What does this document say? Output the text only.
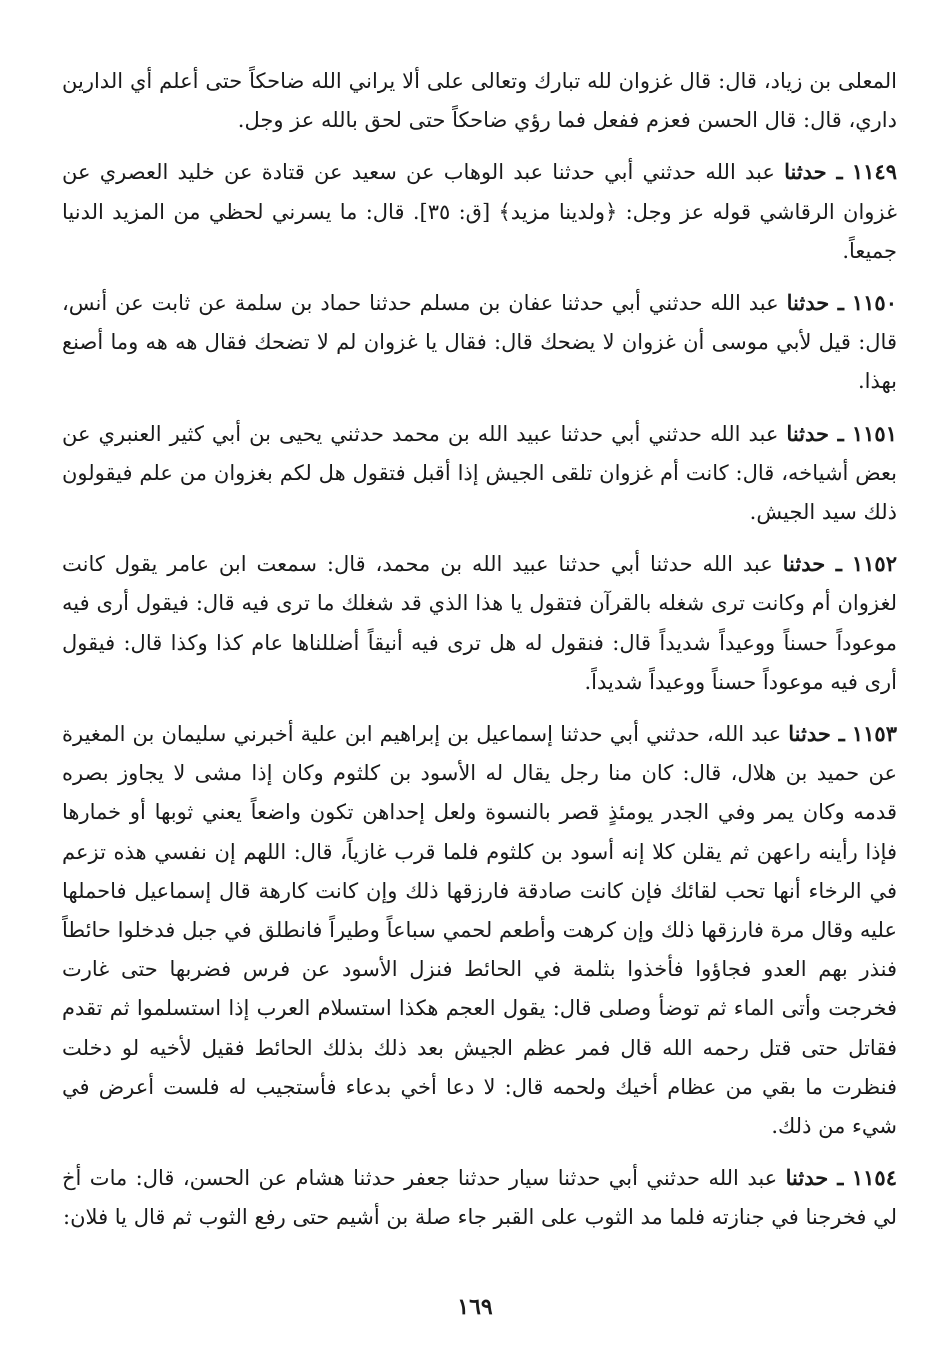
المعلى بن زياد، قال: قال غزوان لله تبارك وتعالى على ألا يراني الله ضاحكاً حتى أعلم أي الدارين داري، قال: قال الحسن فعزم ففعل فما رؤي ضاحكاً حتى لحق بالله عز وجل.

١١٤٩ ـ حدثنا عبد الله حدثني أبي حدثنا عبد الوهاب عن سعيد عن قتادة عن خليد العصري عن غزوان الرقاشي قوله عز وجل: ﴿ولدينا مزيد﴾ [ق: ٣٥]. قال: ما يسرني لحظي من المزيد الدنيا جميعاً.

١١٥٠ ـ حدثنا عبد الله حدثني أبي حدثنا عفان بن مسلم حدثنا حماد بن سلمة عن ثابت عن أنس، قال: قيل لأبي موسى أن غزوان لا يضحك قال: فقال يا غزوان لم لا تضحك فقال هه هه وما أصنع بهذا.

١١٥١ ـ حدثنا عبد الله حدثني أبي حدثنا عبيد الله بن محمد حدثني يحيى بن أبي كثير العنبري عن بعض أشياخه، قال: كانت أم غزوان تلقى الجيش إذا أقبل فتقول هل لكم بغزوان من علم فيقولون ذلك سيد الجيش.

١١٥٢ ـ حدثنا عبد الله حدثنا أبي حدثنا عبيد الله بن محمد، قال: سمعت ابن عامر يقول كانت لغزوان أم وكانت ترى شغله بالقرآن فتقول يا هذا الذي قد شغلك ما ترى فيه قال: فيقول أرى فيه موعوداً حسناً ووعيداً شديداً قال: فنقول له هل ترى فيه أنيقاً أضللناها عام كذا وكذا قال: فيقول أرى فيه موعوداً حسناً ووعيداً شديداً.

١١٥٣ ـ حدثنا عبد الله، حدثني أبي حدثنا إسماعيل بن إبراهيم ابن علية أخبرني سليمان بن المغيرة عن حميد بن هلال، قال: كان منا رجل يقال له الأسود بن كلثوم وكان إذا مشى لا يجاوز بصره قدمه وكان يمر وفي الجدر يومئذٍ قصر بالنسوة ولعل إحداهن تكون واضعاً يعني ثوبها أو خمارها فإذا رأينه راعهن ثم يقلن كلا إنه أسود بن كلثوم فلما قرب غازياً، قال: اللهم إن نفسي هذه تزعم في الرخاء أنها تحب لقائك فإن كانت صادقة فارزقها ذلك وإن كانت كارهة قال إسماعيل فاحملها عليه وقال مرة فارزقها ذلك وإن كرهت وأطعم لحمي سباعاً وطيراً فانطلق في جبل فدخلوا حائطاً فنذر بهم العدو فجاؤوا فأخذوا بثلمة في الحائط فنزل الأسود عن فرس فضربها حتى غارت فخرجت وأتى الماء ثم توضأ وصلى قال: يقول العجم هكذا استسلام العرب إذا استسلموا ثم تقدم فقاتل حتى قتل رحمه الله قال فمر عظم الجيش بعد ذلك بذلك الحائط فقيل لأخيه لو دخلت فنظرت ما بقي من عظام أخيك ولحمه قال: لا دعا أخي بدعاء فأستجيب له فلست أعرض في شيء من ذلك.

١١٥٤ ـ حدثنا عبد الله حدثني أبي حدثنا سيار حدثنا جعفر حدثنا هشام عن الحسن، قال: مات أخ لي فخرجنا في جنازته فلما مد الثوب على القبر جاء صلة بن أشيم حتى رفع الثوب ثم قال يا فلان:

١٦٩
